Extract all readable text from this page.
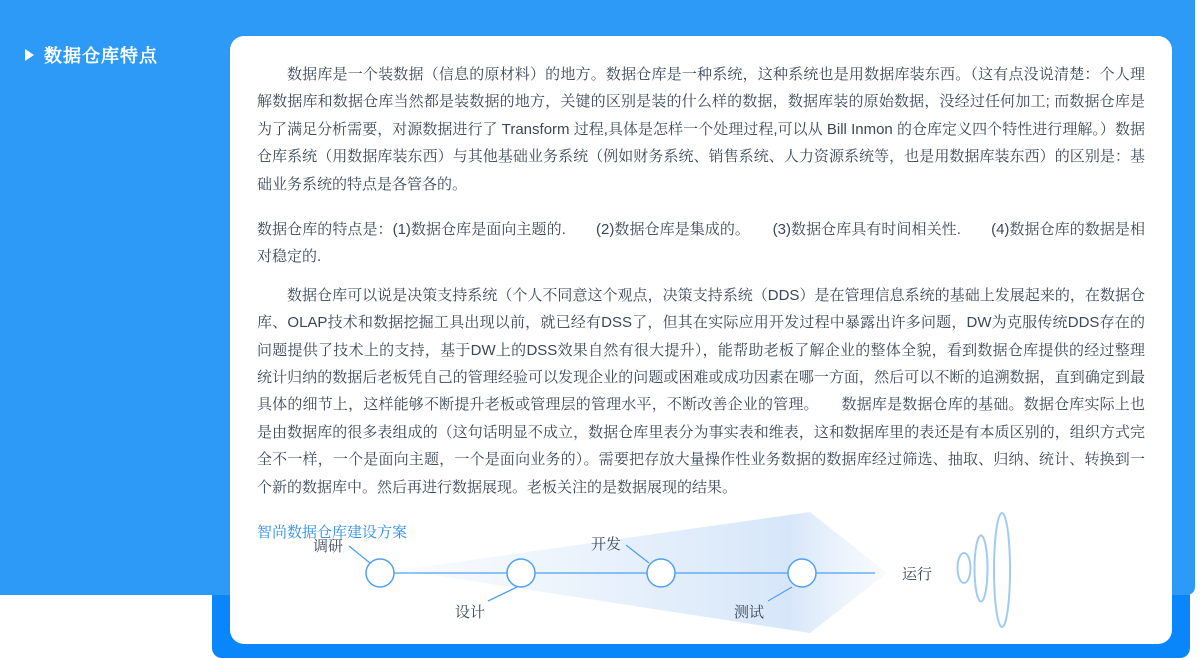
数据仓库特点

数据库是一个装数据（信息的原材料）的地方。数据仓库是一种系统，这种系统也是用数据库装东西。（这有点没说清楚：个人理解数据库和数据仓库当然都是装数据的地方，关键的区别是装的什么样的数据，数据库装的原始数据，没经过任何加工; 而数据仓库是为了满足分析需要，对源数据进行了 Transform 过程,具体是怎样一个处理过程,可以从 Bill Inmon 的仓库定义四个特性进行理解。）数据仓库系统（用数据库装东西）与其他基础业务系统（例如财务系统、销售系统、人力资源系统等，也是用数据库装东西）的区别是：基础业务系统的特点是各管各的。

数据仓库的特点是：(1)数据仓库是面向主题的.　　(2)数据仓库是集成的。　　(3)数据仓库具有时间相关性.　　(4)数据仓库的数据是相对稳定的.

数据仓库可以说是决策支持系统（个人不同意这个观点，决策支持系统（DDS）是在管理信息系统的基础上发展起来的，在数据仓库、OLAP技术和数据挖掘工具出现以前，就已经有DSS了，但其在实际应用开发过程中暴露出许多问题，DW为克服传统DDS存在的问题提供了技术上的支持，基于DW上的DSS效果自然有很大提升），能帮助老板了解企业的整体全貌，看到数据仓库提供的经过整理统计归纳的数据后老板凭自己的管理经验可以发现企业的问题或困难或成功因素在哪一方面，然后可以不断的追溯数据，直到确定到最具体的细节上，这样能够不断提升老板或管理层的管理水平，不断改善企业的管理。　　数据库是数据仓库的基础。数据仓库实际上也是由数据库的很多表组成的（这句话明显不成立，数据仓库里表分为事实表和维表，这和数据库里的表还是有本质区别的，组织方式完全不一样，一个是面向主题，一个是面向业务的）。需要把存放大量操作性业务数据的数据库经过筛选、抽取、归纳、统计、转换到一个新的数据库中。然后再进行数据展现。老板关注的是数据展现的结果。

智尚数据仓库建设方案
调研
设计
开发
测试
运行
